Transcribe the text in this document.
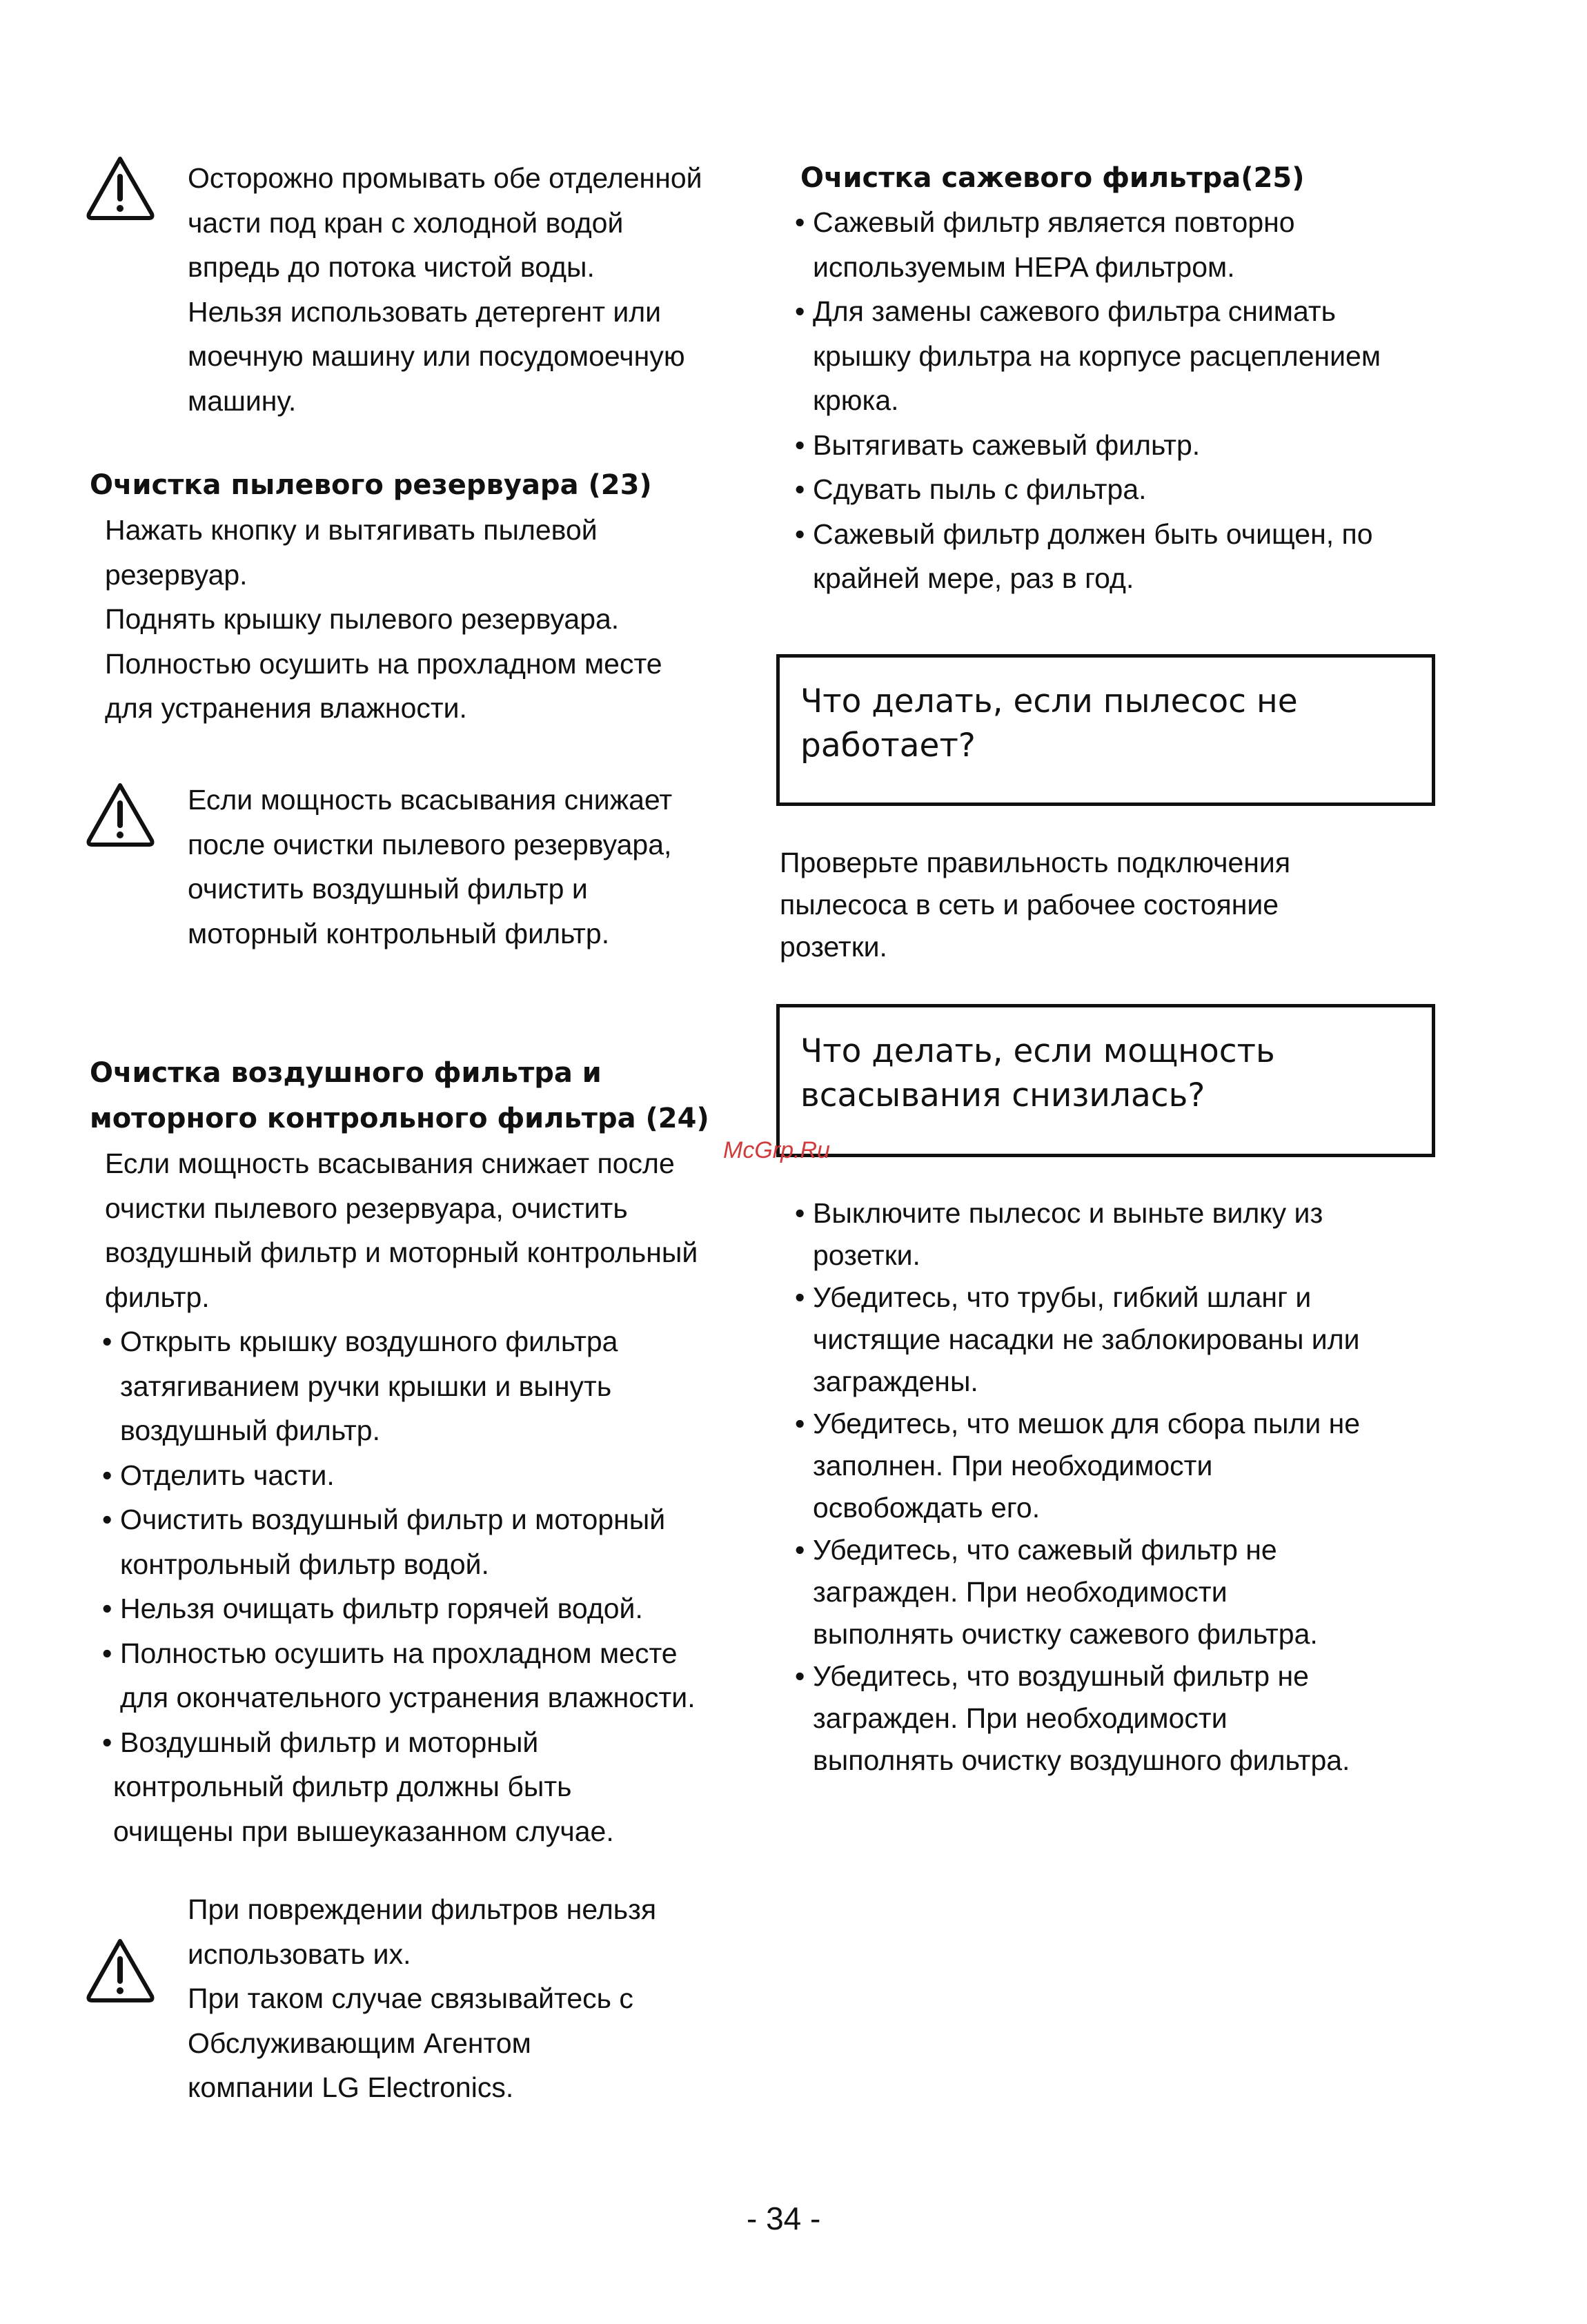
Осторожно промывать обе отделенной

части под кран с холодной водой

впредь до потока чистой воды.

Нельзя использовать детергент или

моечную машину или посудомоечную

машину.

Очистка пылевого резервуара (23)

Нажать кнопку и вытягивать пылевой

резервуар.

Поднять крышку пылевого резервуара.

Полностью осушить на прохладном месте

для устранения влажности.

Если мощность всасывания снижает

после очистки пылевого резервуара,

очистить воздушный фильтр и

моторный контрольный фильтр.

Очистка воздушного фильтра и

моторного контрольного фильтра (24)

Если мощность всасывания снижает после

очистки пылевого резервуара, очистить

воздушный фильтр и моторный контрольный

фильтр.

• Открыть крышку воздушного фильтра
затягиванием ручки крышки и вынуть
воздушный фильтр.
• Отделить части.
• Очистить воздушный фильтр и моторный
контрольный фильтр водой.
• Нельзя очищать фильтр горячей водой.
• Полностью осушить на прохладном месте
для окончательного устранения влажности.
• Воздушный фильтр и моторный
контрольный фильтр должны быть
очищены при вышеуказанном случае.

При повреждении фильтров нельзя

использовать их.

При таком случае связывайтесь с

Обслуживающим Агентом

компании LG Electronics.

Очистка сажевого фильтра(25)

• Сажевый фильтр является повторно
используемым HEPA фильтром.
• Для замены сажевого фильтра снимать
крышку фильтра на корпусе расцеплением
крюка.
• Вытягивать сажевый фильтр.
• Сдувать пыль с фильтра.
• Сажевый фильтр должен быть очищен, по
крайней мере, раз в год.

Что делать, если пылесос не

работает?

Проверьте правильность подключения

пылесоса в сеть и рабочее состояние

розетки.

Что делать, если мощность

всасывания снизилась?

• Выключите пылесос и выньте вилку из
розетки.
• Убедитесь, что трубы, гибкий шланг и
чистящие насадки не заблокированы или
заграждены.
• Убедитесь, что мешок для сбора пыли не
заполнен. При необходимости
освобождать его.
• Убедитесь, что сажевый фильтр не
загражден. При необходимости
выполнять очистку сажевого фильтра.
• Убедитесь, что воздушный фильтр не
загражден. При необходимости
выполнять очистку воздушного фильтра.
McGrp.Ru
- 34 -
